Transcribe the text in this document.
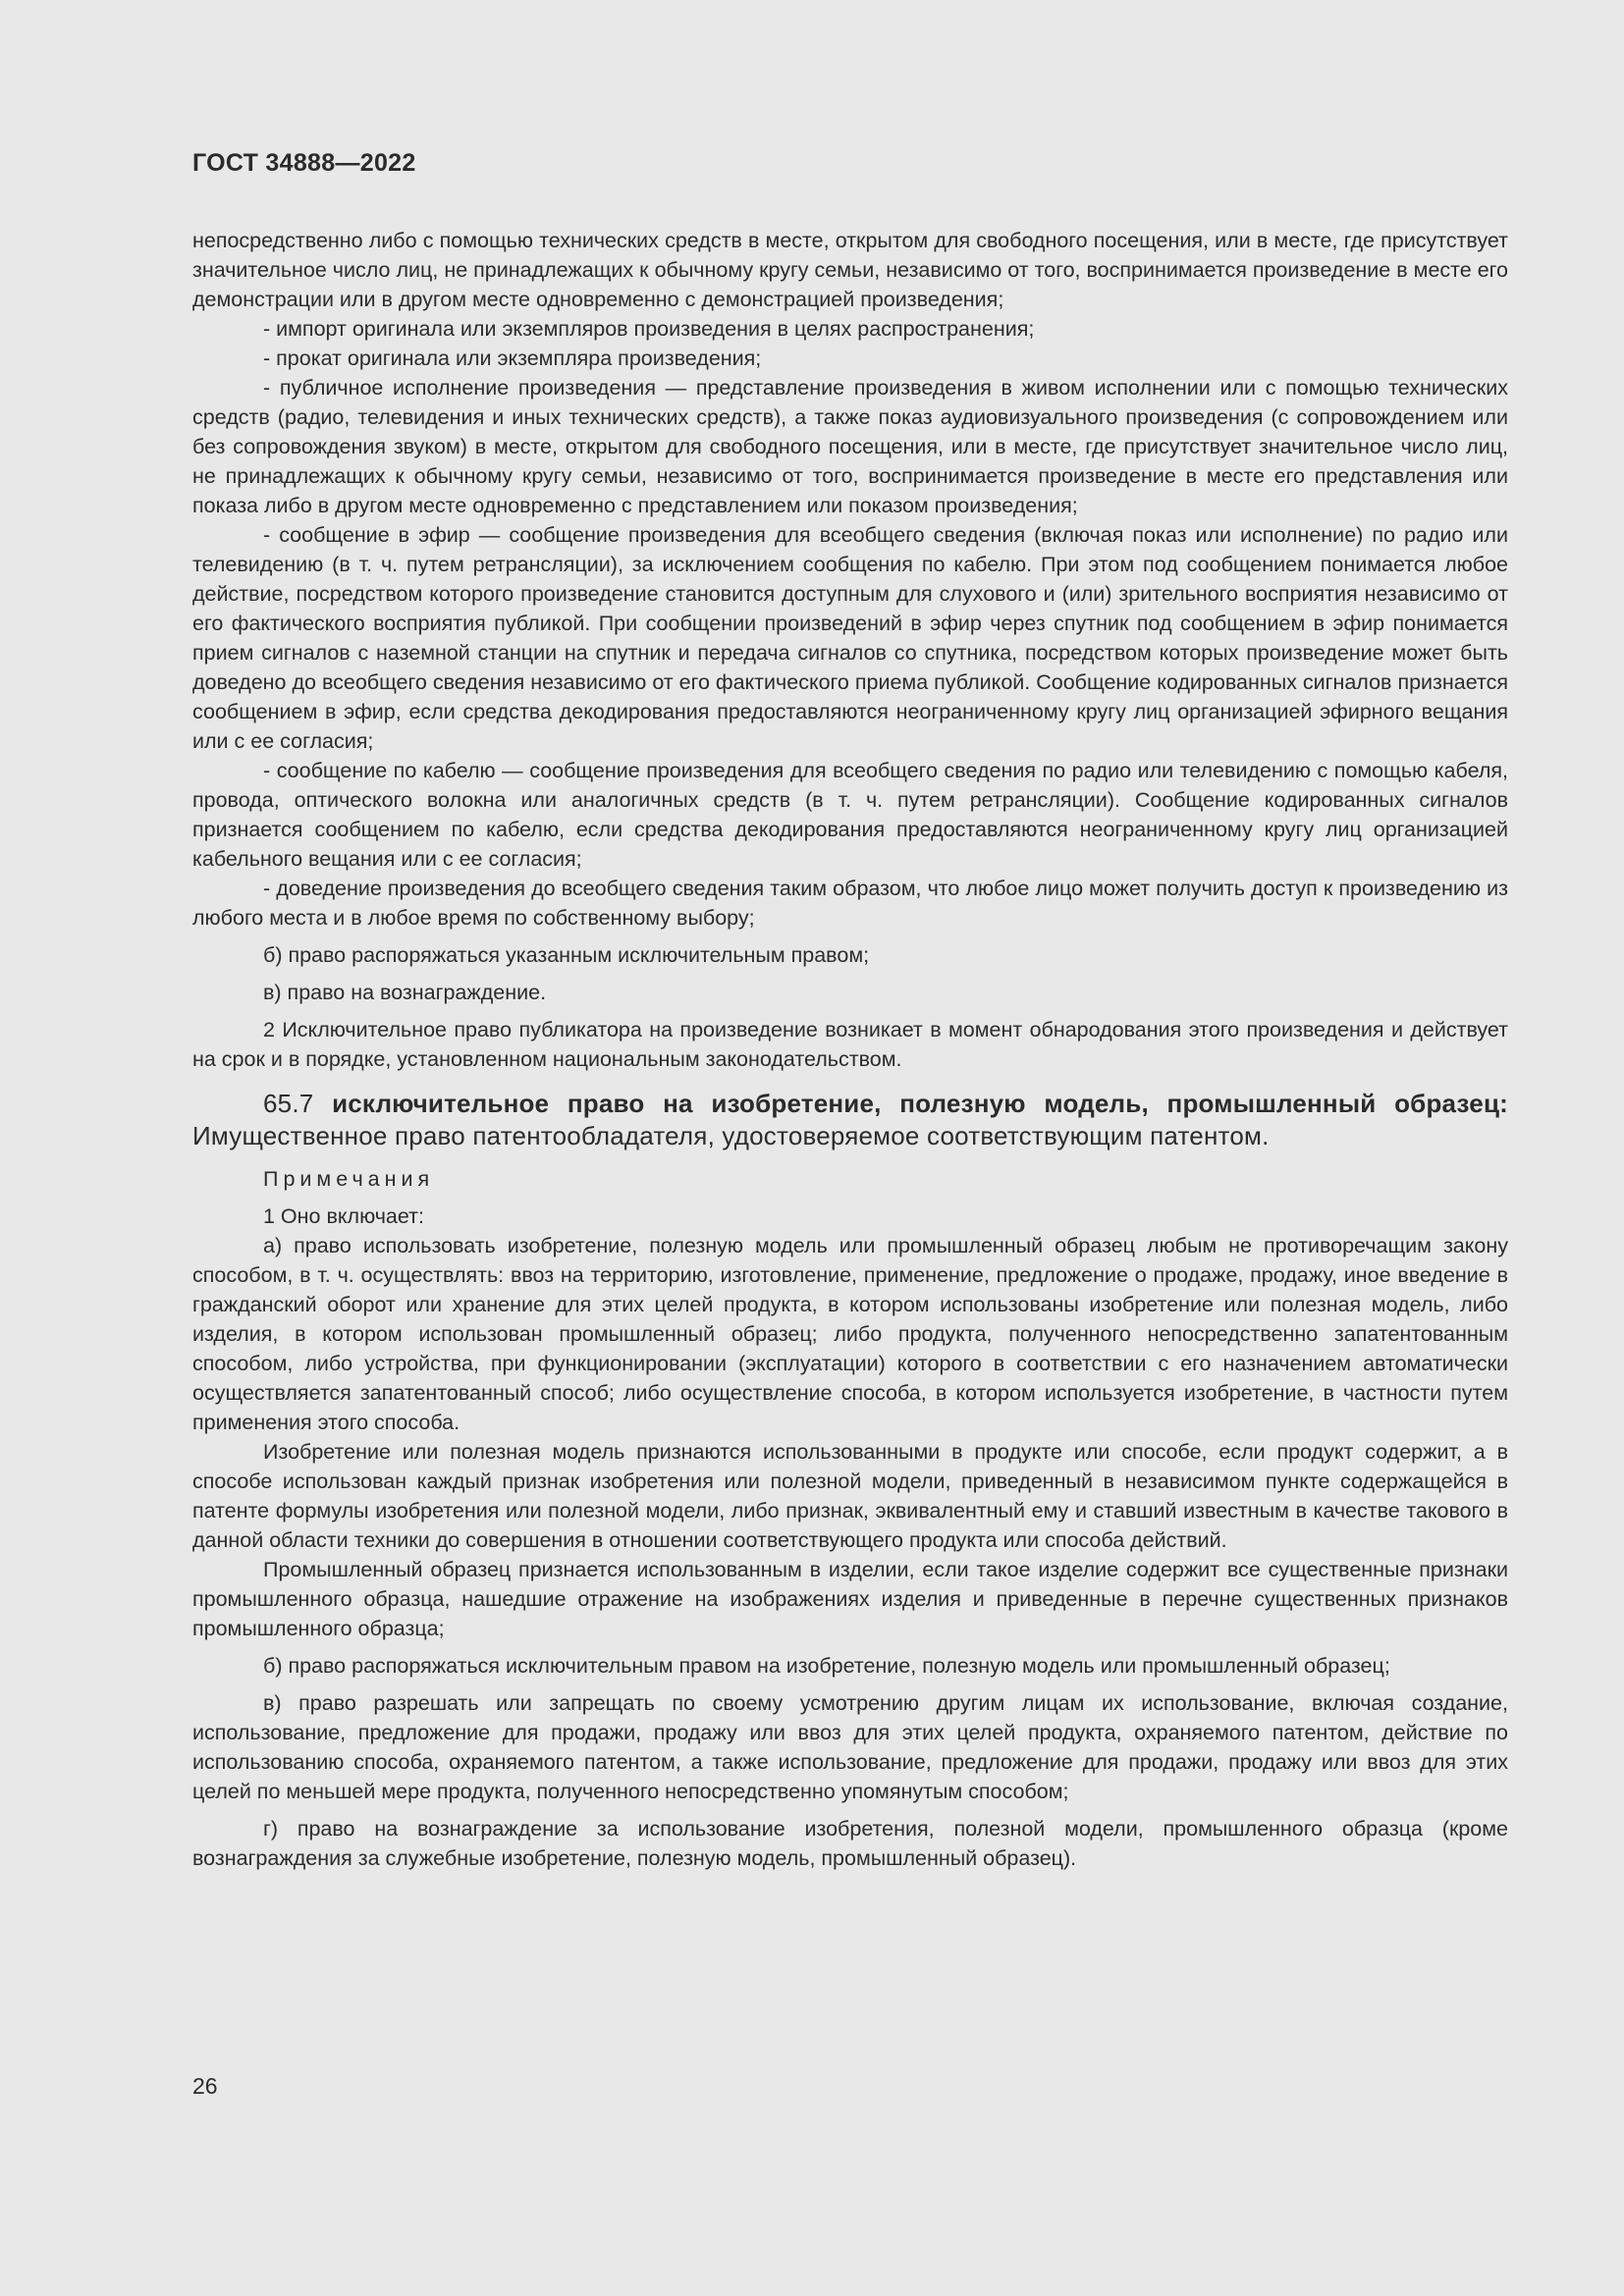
ГОСТ 34888—2022

непосредственно либо с помощью технических средств в месте, открытом для свободного посещения, или в месте, где присутствует значительное число лиц, не принадлежащих к обычному кругу семьи, независимо от того, воспринимается произведение в месте его демонстрации или в другом месте одновременно с демонстрацией произведения;

- импорт оригинала или экземпляров произведения в целях распространения;

- прокат оригинала или экземпляра произведения;

- публичное исполнение произведения — представление произведения в живом исполнении или с помощью технических средств (радио, телевидения и иных технических средств), а также показ аудиовизуального произведения (с сопровождением или без сопровождения звуком) в месте, открытом для свободного посещения, или в месте, где присутствует значительное число лиц, не принадлежащих к обычному кругу семьи, независимо от того, воспринимается произведение в месте его представления или показа либо в другом месте одновременно с представлением или показом произведения;

- сообщение в эфир — сообщение произведения для всеобщего сведения (включая показ или исполнение) по радио или телевидению (в т. ч. путем ретрансляции), за исключением сообщения по кабелю. При этом под сообщением понимается любое действие, посредством которого произведение становится доступным для слухового и (или) зрительного восприятия независимо от его фактического восприятия публикой. При сообщении произведений в эфир через спутник под сообщением в эфир понимается прием сигналов с наземной станции на спутник и передача сигналов со спутника, посредством которых произведение может быть доведено до всеобщего сведения независимо от его фактического приема публикой. Сообщение кодированных сигналов признается сообщением в эфир, если средства декодирования предоставляются неограниченному кругу лиц организацией эфирного вещания или с ее согласия;

- сообщение по кабелю — сообщение произведения для всеобщего сведения по радио или телевидению с помощью кабеля, провода, оптического волокна или аналогичных средств (в т. ч. путем ретрансляции). Сообщение кодированных сигналов признается сообщением по кабелю, если средства декодирования предоставляются неограниченному кругу лиц организацией кабельного вещания или с ее согласия;

- доведение произведения до всеобщего сведения таким образом, что любое лицо может получить доступ к произведению из любого места и в любое время по собственному выбору;

б) право распоряжаться указанным исключительным правом;

в) право на вознаграждение.

2 Исключительное право публикатора на произведение возникает в момент обнародования этого произведения и действует на срок и в порядке, установленном национальным законодательством.

65.7 исключительное право на изобретение, полезную модель, промышленный образец: Имущественное право патентообладателя, удостоверяемое соответствующим патентом.

Примечания

1 Оно включает:

а) право использовать изобретение, полезную модель или промышленный образец любым не противоречащим закону способом, в т. ч. осуществлять: ввоз на территорию, изготовление, применение, предложение о продаже, продажу, иное введение в гражданский оборот или хранение для этих целей продукта, в котором использованы изобретение или полезная модель, либо изделия, в котором использован промышленный образец; либо продукта, полученного непосредственно запатентованным способом, либо устройства, при функционировании (эксплуатации) которого в соответствии с его назначением автоматически осуществляется запатентованный способ; либо осуществление способа, в котором используется изобретение, в частности путем применения этого способа.

Изобретение или полезная модель признаются использованными в продукте или способе, если продукт содержит, а в способе использован каждый признак изобретения или полезной модели, приведенный в независимом пункте содержащейся в патенте формулы изобретения или полезной модели, либо признак, эквивалентный ему и ставший известным в качестве такового в данной области техники до совершения в отношении соответствующего продукта или способа действий.

Промышленный образец признается использованным в изделии, если такое изделие содержит все существенные признаки промышленного образца, нашедшие отражение на изображениях изделия и приведенные в перечне существенных признаков промышленного образца;

б) право распоряжаться исключительным правом на изобретение, полезную модель или промышленный образец;

в) право разрешать или запрещать по своему усмотрению другим лицам их использование, включая создание, использование, предложение для продажи, продажу или ввоз для этих целей продукта, охраняемого патентом, действие по использованию способа, охраняемого патентом, а также использование, предложение для продажи, продажу или ввоз для этих целей по меньшей мере продукта, полученного непосредственно упомянутым способом;

г) право на вознаграждение за использование изобретения, полезной модели, промышленного образца (кроме вознаграждения за служебные изобретение, полезную модель, промышленный образец).

26
